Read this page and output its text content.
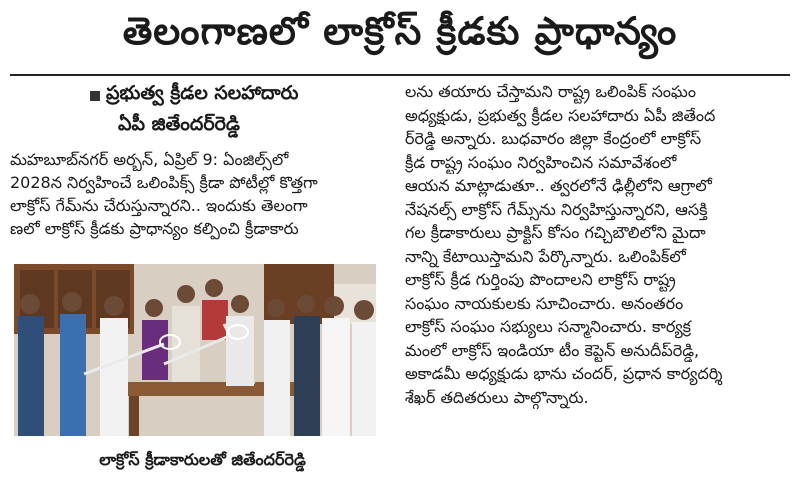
తెలంగాణలో లాక్రోస్ క్రీడకు ప్రాధాన్యం
ప్రభుత్వ క్రీడల సలహాదారు
ఏపీ జితేందర్‌రెడ్డి
మహబూబ్‌నగర్ అర్బన్, ఏప్రిల్ 9: ఏంజిల్స్‌లో
2028న నిర్వహించే ఒలింపిక్స్ క్రీడా పోటీల్లో కొత్తగా
లాక్రోస్ గేమ్‌ను చేరుస్తున్నారని.. ఇందుకు తెలంగా
ణలో లాక్రోస్ క్రీడకు ప్రాధాన్యం కల్పించి క్రీడాకారు
లాక్రోస్ క్రీడాకారులతో జితేందర్‌రెడ్డి
లను తయారు చేస్తామని రాష్ట్ర ఒలింపిక్ సంఘం
అధ్యక్షుడు, ప్రభుత్వ క్రీడల సలహాదారు ఏపీ జితేంద
ర్‌రెడ్డి అన్నారు. బుధవారం జిల్లా కేంద్రంలో లాక్రోస్
క్రీడ రాష్ట్ర సంఘం నిర్వహించిన సమావేశంలో
ఆయన మాట్లాడుతూ.. త్వరలోనే ఢిల్లీలోని ఆగ్రాలో
నేషనల్స్ లాక్రోస్ గేమ్స్‌ను నిర్వహిస్తున్నారని, ఆసక్తి
గల క్రీడాకారులు ప్రాక్టిస్ కోసం గచ్చిబౌలిలోని మైదా
నాన్ని కేటాయిస్తామని పేర్కొన్నారు. ఒలింపిక్‌లో
లాక్రోస్ క్రీడ గుర్తింపు పొందాలని లాక్రోస్ రాష్ట్ర
సంఘం నాయకులకు సూచించారు. అనంతరం
లాక్రోస్ సంఘం సభ్యులు సన్మానించారు. కార్యక్ర
మంలో లాక్రోస్ ఇండియా టీం కెప్టెన్ అనుదీప్‌రెడ్డి,
అకాడమీ అధ్యక్షుడు భాను చందర్, ప్రధాన కార్యదర్శి
శేఖర్ తదితరులు పాల్గొన్నారు.
